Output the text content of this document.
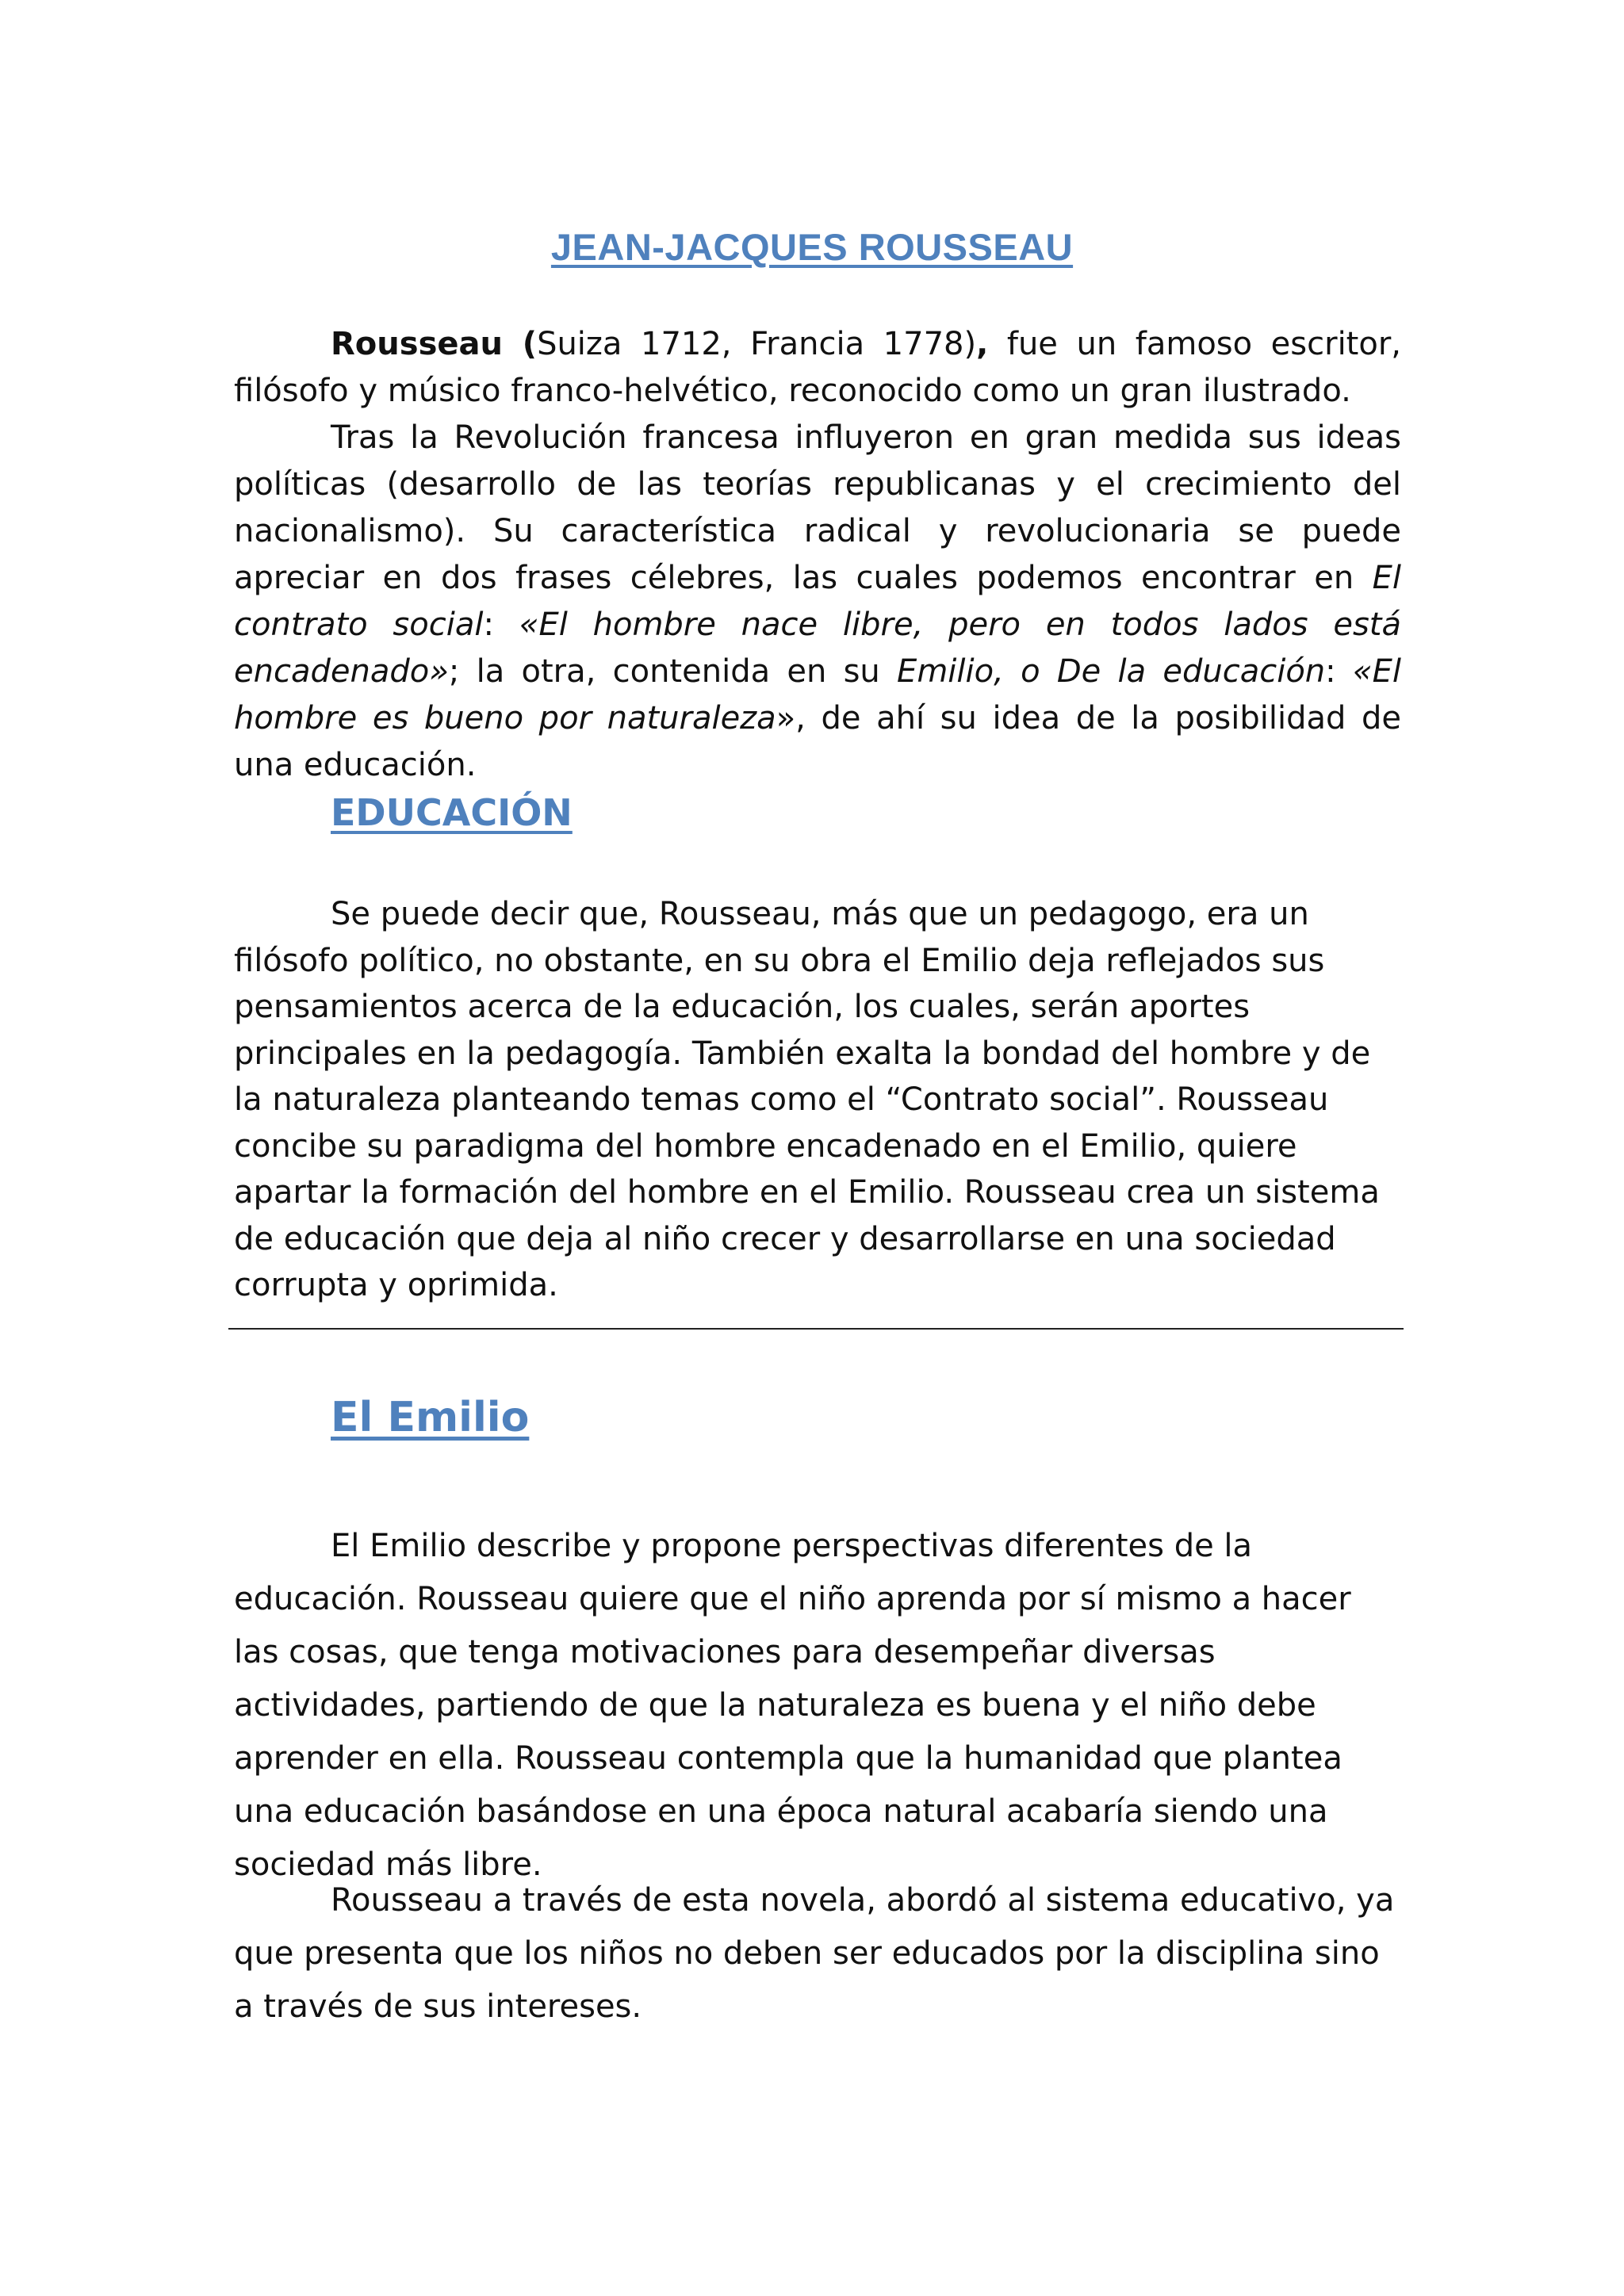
JEAN-JACQUES ROUSSEAU

Rousseau (Suiza 1712, Francia 1778), fue un famoso escritor, filósofo y músico franco-helvético, reconocido como un gran ilustrado.

Tras la Revolución francesa influyeron en gran medida sus ideas políticas (desarrollo de las teorías republicanas y el crecimiento del nacionalismo). Su característica radical y revolucionaria se puede apreciar en dos frases célebres, las cuales podemos encontrar en El contrato social: «El hombre nace libre, pero en todos lados está encadenado»; la otra, contenida en su Emilio, o De la educación: «El hombre es bueno por naturaleza», de ahí su idea de la posibilidad de una educación.

EDUCACIÓN

Se puede decir que, Rousseau, más que un pedagogo, era un filósofo político, no obstante, en su obra el Emilio deja reflejados sus pensamientos acerca de la educación, los cuales, serán aportes principales en la pedagogía. También exalta la bondad del hombre y de la naturaleza planteando temas como el “Contrato social”. Rousseau concibe su paradigma del hombre encadenado en el Emilio, quiere apartar la formación del hombre en el Emilio. Rousseau crea un sistema de educación que deja al niño crecer y desarrollarse en una sociedad corrupta y oprimida.

El Emilio

El Emilio describe y propone perspectivas diferentes de la educación. Rousseau quiere que el niño aprenda por sí mismo a hacer las cosas, que tenga motivaciones para desempeñar diversas actividades, partiendo de que la naturaleza es buena y el niño debe aprender en ella. Rousseau contempla que la humanidad que plantea una educación basándose en una época natural acabaría siendo una sociedad más libre.

Rousseau a través de esta novela, abordó al sistema educativo, ya que presenta que los niños no deben ser educados por la disciplina sino a través de sus intereses.
